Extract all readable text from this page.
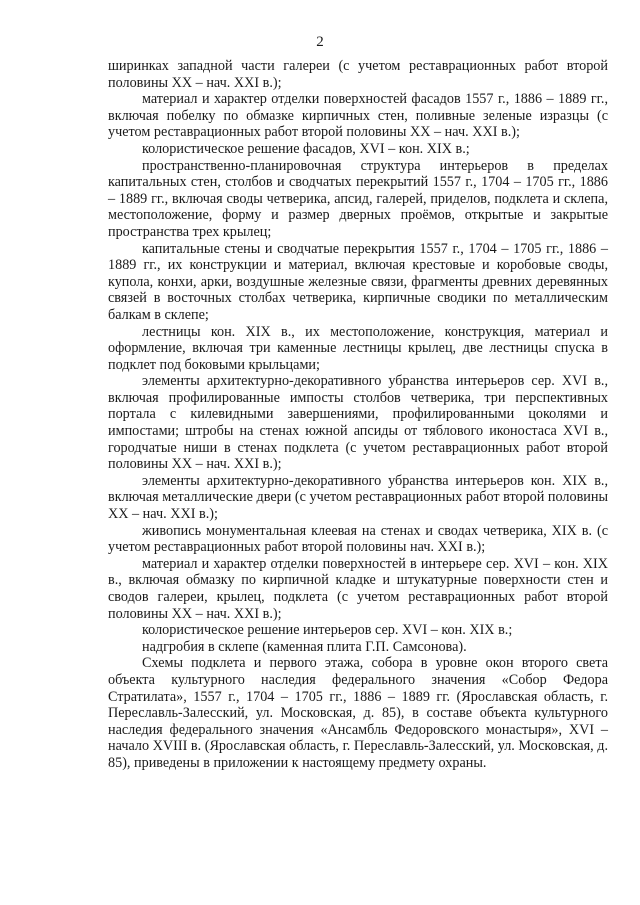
2

ширинках западной части галереи (с учетом реставрационных работ второй половины XX – нач. XXI в.);

материал и характер отделки поверхностей фасадов 1557 г., 1886 – 1889 гг., включая побелку по обмазке кирпичных стен, поливные зеленые изразцы (с учетом реставрационных работ второй половины XX – нач. XXI в.);

колористическое решение фасадов, XVI – кон. XIX в.;

пространственно-планировочная структура интерьеров в пределах капитальных стен, столбов и сводчатых перекрытий 1557 г., 1704 – 1705 гг., 1886 – 1889 гг., включая своды четверика, апсид, галерей, приделов, подклета и склепа, местоположение, форму и размер дверных проёмов, открытые и закрытые пространства трех крылец;

капитальные стены и сводчатые перекрытия 1557 г., 1704 – 1705 гг., 1886 – 1889 гг., их конструкции и материал, включая крестовые и коробовые своды, купола, конхи, арки, воздушные железные связи, фрагменты древних деревянных связей в восточных столбах четверика, кирпичные сводики по металлическим балкам в склепе;

лестницы кон. XIX в., их местоположение, конструкция, материал и оформление, включая три каменные лестницы крылец, две лестницы спуска в подклет под боковыми крыльцами;

элементы архитектурно-декоративного убранства интерьеров сер. XVI в., включая профилированные импосты столбов четверика, три перспективных портала с килевидными завершениями, профилированными цоколями и импостами; штробы на стенах южной апсиды от тяблового иконостаса XVI в., городчатые ниши в стенах подклета (с учетом реставрационных работ второй половины XX – нач. XXI в.);

элементы архитектурно-декоративного убранства интерьеров кон. XIX в., включая металлические двери (с учетом реставрационных работ второй половины XX – нач. XXI в.);

живопись монументальная клеевая на стенах и сводах четверика, XIX в. (с учетом реставрационных работ второй половины нач. XXI в.);

материал и характер отделки поверхностей в интерьере сер. XVI – кон. XIX в., включая обмазку по кирпичной кладке и штукатурные поверхности стен и сводов галереи, крылец, подклета (с учетом реставрационных работ второй половины XX – нач. XXI в.);

колористическое решение интерьеров сер. XVI – кон. XIX в.;

надгробия в склепе (каменная плита Г.П. Самсонова).

Схемы подклета и первого этажа, собора в уровне окон второго света объекта культурного наследия федерального значения «Собор Федора Стратилата», 1557 г., 1704 – 1705 гг., 1886 – 1889 гг. (Ярославская область, г. Переславль-Залесский, ул. Московская, д. 85), в составе объекта культурного наследия федерального значения «Ансамбль Федоровского монастыря», XVI – начало XVIII в. (Ярославская область, г. Переславль-Залесский, ул. Московская, д. 85), приведены в приложении к настоящему предмету охраны.
